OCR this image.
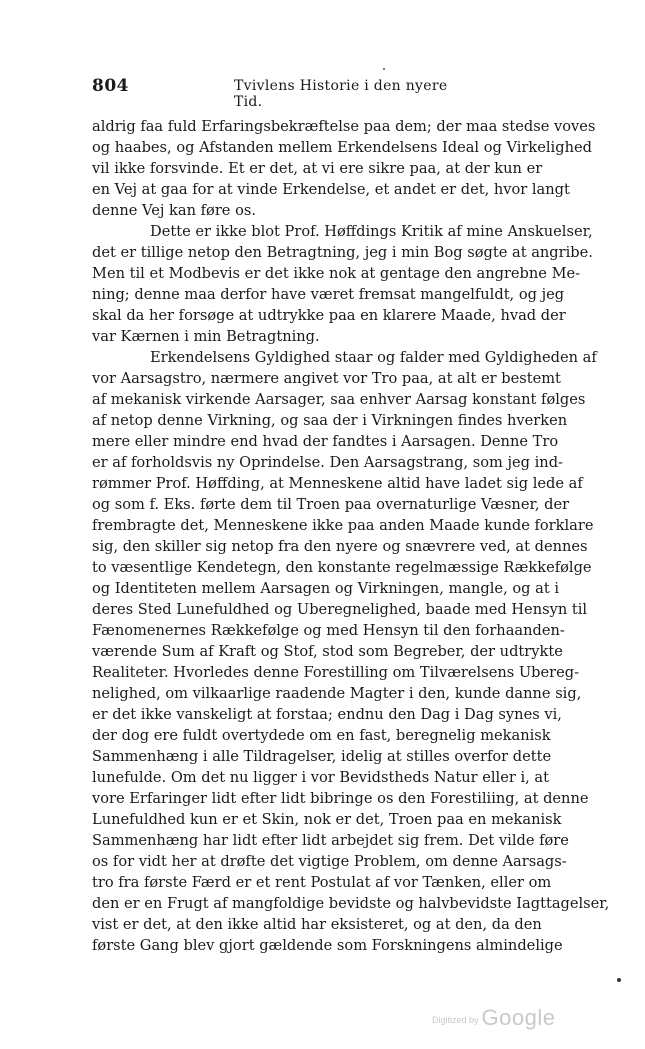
804	Tvivlens Historie i den nyere Tid.
aldrig faa fuld Erfaringsbekræftelse paa dem; der maa stedse voves
og haabes, og Afstanden mellem Erkendelsens Ideal og Virkelighed
vil ikke forsvinde. Et er det, at vi ere sikre paa, at der kun er
en Vej at gaa for at vinde Erkendelse, et andet er det, hvor langt
denne Vej kan føre os.
Dette er ikke blot Prof. Høffdings Kritik af mine Anskuelser,
det er tillige netop den Betragtning, jeg i min Bog søgte at angribe.
Men til et Modbevis er det ikke nok at gentage den angrebne Me-
ning; denne maa derfor have været fremsat mangelfuldt, og jeg
skal da her forsøge at udtrykke paa en klarere Maade, hvad der
var Kærnen i min Betragtning.
Erkendelsens Gyldighed staar og falder med Gyldigheden af
vor Aarsagstro, nærmere angivet vor Tro paa, at alt er bestemt
af mekanisk virkende Aarsager, saa enhver Aarsag konstant følges
af netop denne Virkning, og saa der i Virkningen findes hverken
mere eller mindre end hvad der fandtes i Aarsagen. Denne Tro
er af forholdsvis ny Oprindelse. Den Aarsagstrang, som jeg ind-
rømmer Prof. Høffding, at Menneskene altid have ladet sig lede af
og som f. Eks. førte dem til Troen paa overnaturlige Væsner, der
frembragte det, Menneskene ikke paa anden Maade kunde forklare
sig, den skiller sig netop fra den nyere og snævrere ved, at dennes
to væsentlige Kendetegn, den konstante regelmæssige Rækkefølge
og Identiteten mellem Aarsagen og Virkningen, mangle, og at i
deres Sted Lunefuldhed og Uberegnelighed, baade med Hensyn til
Fænomenernes Rækkefølge og med Hensyn til den forhaanden-
værende Sum af Kraft og Stof, stod som Begreber, der udtrykte
Realiteter. Hvorledes denne Forestilling om Tilværelsens Ubereg-
nelighed, om vilkaarlige raadende Magter i den, kunde danne sig,
er det ikke vanskeligt at forstaa; endnu den Dag i Dag synes vi,
der dog ere fuldt overtydede om en fast, beregnelig mekanisk
Sammenhæng i alle Tildragelser, idelig at stilles overfor dette
lunefulde. Om det nu ligger i vor Bevidstheds Natur eller i, at
vore Erfaringer lidt efter lidt bibringe os den Forestiliing, at denne
Lunefuldhed kun er et Skin, nok er det, Troen paa en mekanisk
Sammenhæng har lidt efter lidt arbejdet sig frem. Det vilde føre
os for vidt her at drøfte det vigtige Problem, om denne Aarsags-
tro fra første Færd er et rent Postulat af vor Tænken, eller om
den er en Frugt af mangfoldige bevidste og halvbevidste Iagttagelser,
vist er det, at den ikke altid har eksisteret, og at den, da den
første Gang blev gjort gældende som Forskningens almindelige
Digitized by Google
